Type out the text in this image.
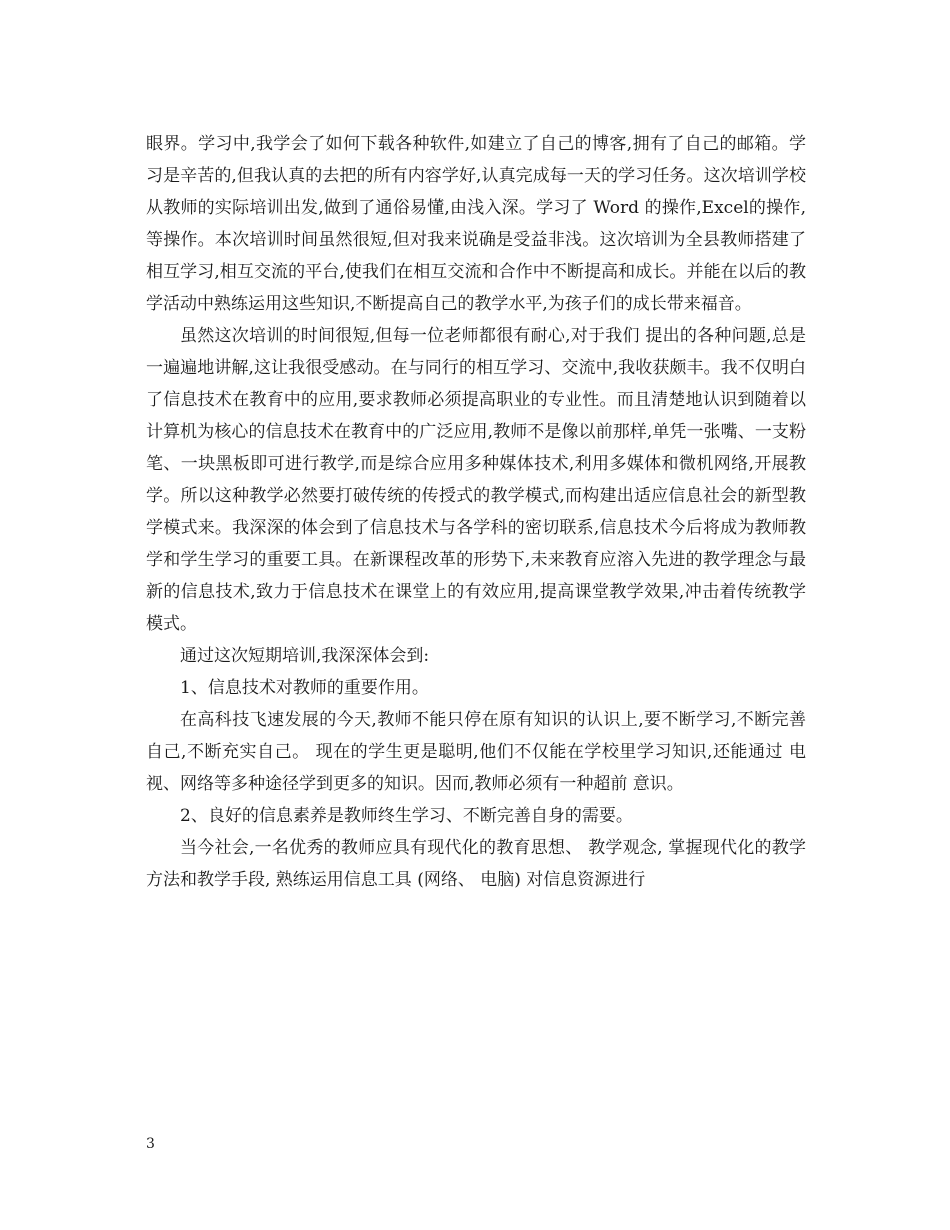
眼界。学习中,我学会了如何下载各种软件,如建立了自己的博客,拥有了自己的邮箱。学习是辛苦的,但我认真的去把的所有内容学好,认真完成每一天的学习任务。这次培训学校从教师的实际培训出发,做到了通俗易懂,由浅入深。学习了 Word 的操作,Excel的操作,等操作。本次培训时间虽然很短,但对我来说确是受益非浅。这次培训为全县教师搭建了相互学习,相互交流的平台,使我们在相互交流和合作中不断提高和成长。并能在以后的教学活动中熟练运用这些知识,不断提高自己的教学水平,为孩子们的成长带来福音。

虽然这次培训的时间很短,但每一位老师都很有耐心,对于我们 提出的各种问题,总是一遍遍地讲解,这让我很受感动。在与同行的相互学习、交流中,我收获颇丰。我不仅明白了信息技术在教育中的应用,要求教师必须提高职业的专业性。而且清楚地认识到随着以计算机为核心的信息技术在教育中的广泛应用,教师不是像以前那样,单凭一张嘴、一支粉笔、一块黑板即可进行教学,而是综合应用多种媒体技术,利用多媒体和微机网络,开展教学。所以这种教学必然要打破传统的传授式的教学模式,而构建出适应信息社会的新型教学模式来。我深深的体会到了信息技术与各学科的密切联系,信息技术今后将成为教师教学和学生学习的重要工具。在新课程改革的形势下,未来教育应溶入先进的教学理念与最新的信息技术,致力于信息技术在课堂上的有效应用,提高课堂教学效果,冲击着传统教学模式。

通过这次短期培训,我深深体会到:

1、信息技术对教师的重要作用。

在高科技飞速发展的今天,教师不能只停在原有知识的认识上,要不断学习,不断完善自己,不断充实自己。 现在的学生更是聪明,他们不仅能在学校里学习知识,还能通过 电视、网络等多种途径学到更多的知识。因而,教师必须有一种超前 意识。

2、良好的信息素养是教师终生学习、不断完善自身的需要。

当今社会,一名优秀的教师应具有现代化的教育思想、 教学观念, 掌握现代化的教学方法和教学手段, 熟练运用信息工具 (网络、 电脑) 对信息资源进行

3
